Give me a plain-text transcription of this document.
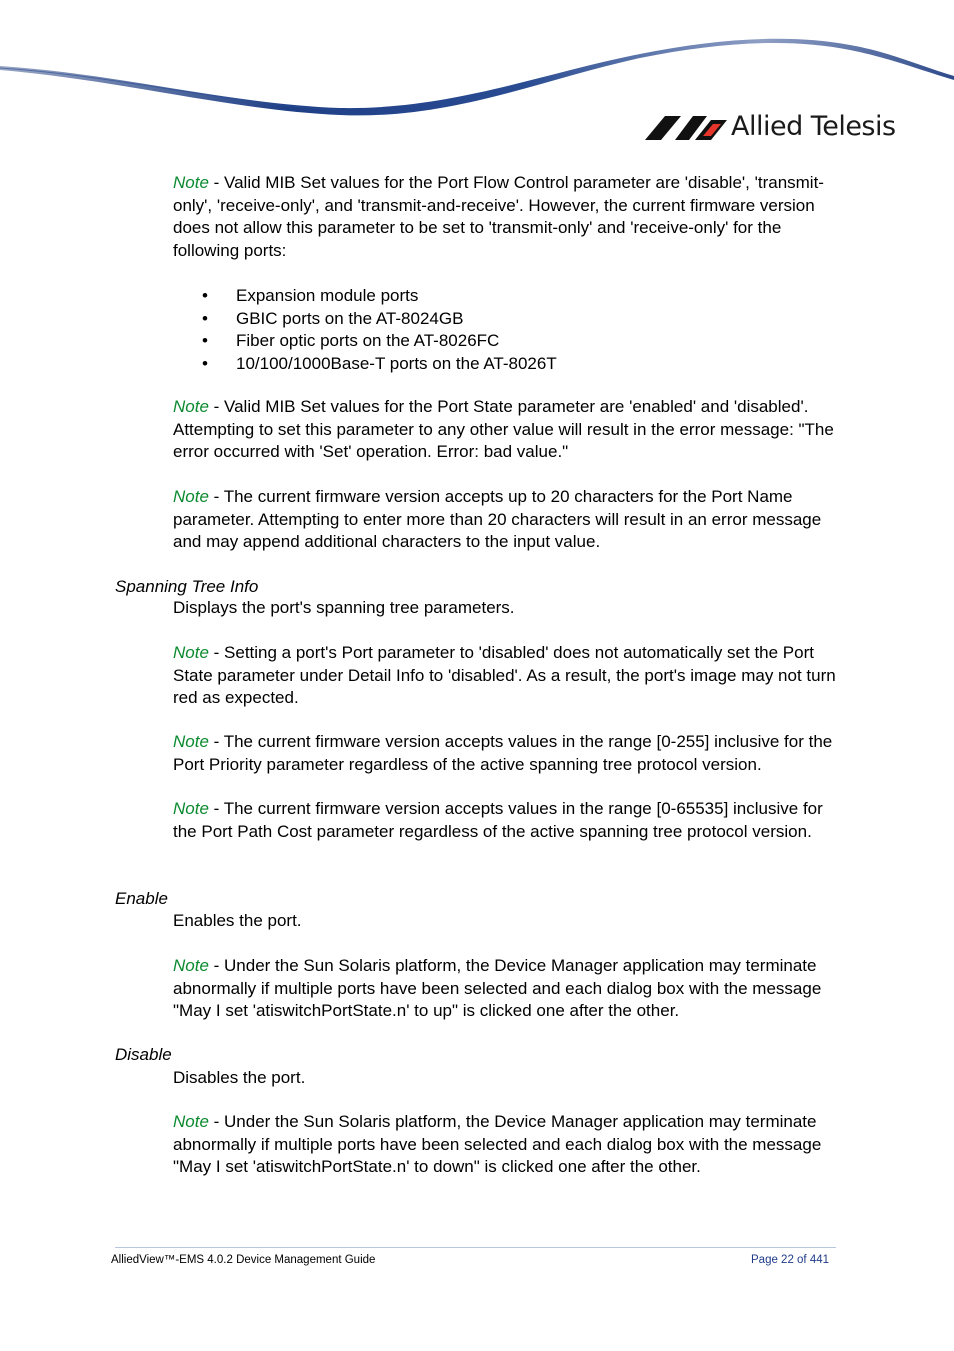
Allied Telesis
Note - Valid MIB Set values for the Port Flow Control parameter are 'disable', 'transmit-only', 'receive-only', and 'transmit-and-receive'. However, the current firmware version does not allow this parameter to be set to 'transmit-only' and 'receive-only' for the following ports:
• Expansion module ports
• GBIC ports on the AT-8024GB
• Fiber optic ports on the AT-8026FC
• 10/100/1000Base-T ports on the AT-8026T
Note - Valid MIB Set values for the Port State parameter are 'enabled' and 'disabled'. Attempting to set this parameter to any other value will result in the error message: "The error occurred with 'Set' operation. Error: bad value."
Note - The current firmware version accepts up to 20 characters for the Port Name parameter. Attempting to enter more than 20 characters will result in an error message and may append additional characters to the input value.
Spanning Tree Info
Displays the port's spanning tree parameters.
Note - Setting a port's Port parameter to 'disabled' does not automatically set the Port State parameter under Detail Info to 'disabled'. As a result, the port's image may not turn red as expected.
Note - The current firmware version accepts values in the range [0-255] inclusive for the Port Priority parameter regardless of the active spanning tree protocol version.
Note - The current firmware version accepts values in the range [0-65535] inclusive for the Port Path Cost parameter regardless of the active spanning tree protocol version.
Enable
Enables the port.
Note - Under the Sun Solaris platform, the Device Manager application may terminate abnormally if multiple ports have been selected and each dialog box with the message "May I set 'atiswitchPortState.n' to up" is clicked one after the other.
Disable
Disables the port.
Note - Under the Sun Solaris platform, the Device Manager application may terminate abnormally if multiple ports have been selected and each dialog box with the message "May I set 'atiswitchPortState.n' to down" is clicked one after the other.
AlliedView™-EMS 4.0.2 Device Management Guide	Page 22 of 441
